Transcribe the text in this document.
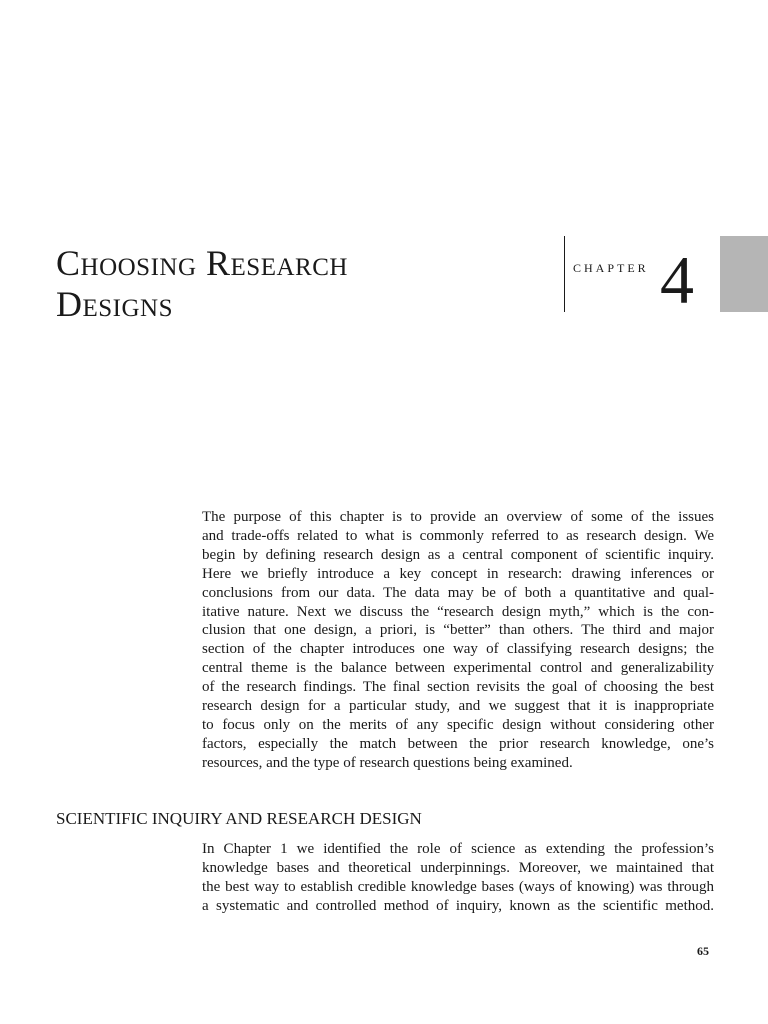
Choosing Research
Designs
CHAPTER 4
The purpose of this chapter is to provide an overview of some of the issues
and trade-offs related to what is commonly referred to as research design. We
begin by defining research design as a central component of scientific inquiry.
Here we briefly introduce a key concept in research: drawing inferences or
conclusions from our data. The data may be of both a quantitative and qual-
itative nature. Next we discuss the “research design myth,” which is the con-
clusion that one design, a priori, is “better” than others. The third and major
section of the chapter introduces one way of classifying research designs; the
central theme is the balance between experimental control and generalizability
of the research findings. The final section revisits the goal of choosing the best
research design for a particular study, and we suggest that it is inappropriate
to focus only on the merits of any specific design without considering other
factors, especially the match between the prior research knowledge, one’s
resources, and the type of research questions being examined.
SCIENTIFIC INQUIRY AND RESEARCH DESIGN
In Chapter 1 we identified the role of science as extending the profession’s
knowledge bases and theoretical underpinnings. Moreover, we maintained that
the best way to establish credible knowledge bases (ways of knowing) was through
a systematic and controlled method of inquiry, known as the scientific method.
65
